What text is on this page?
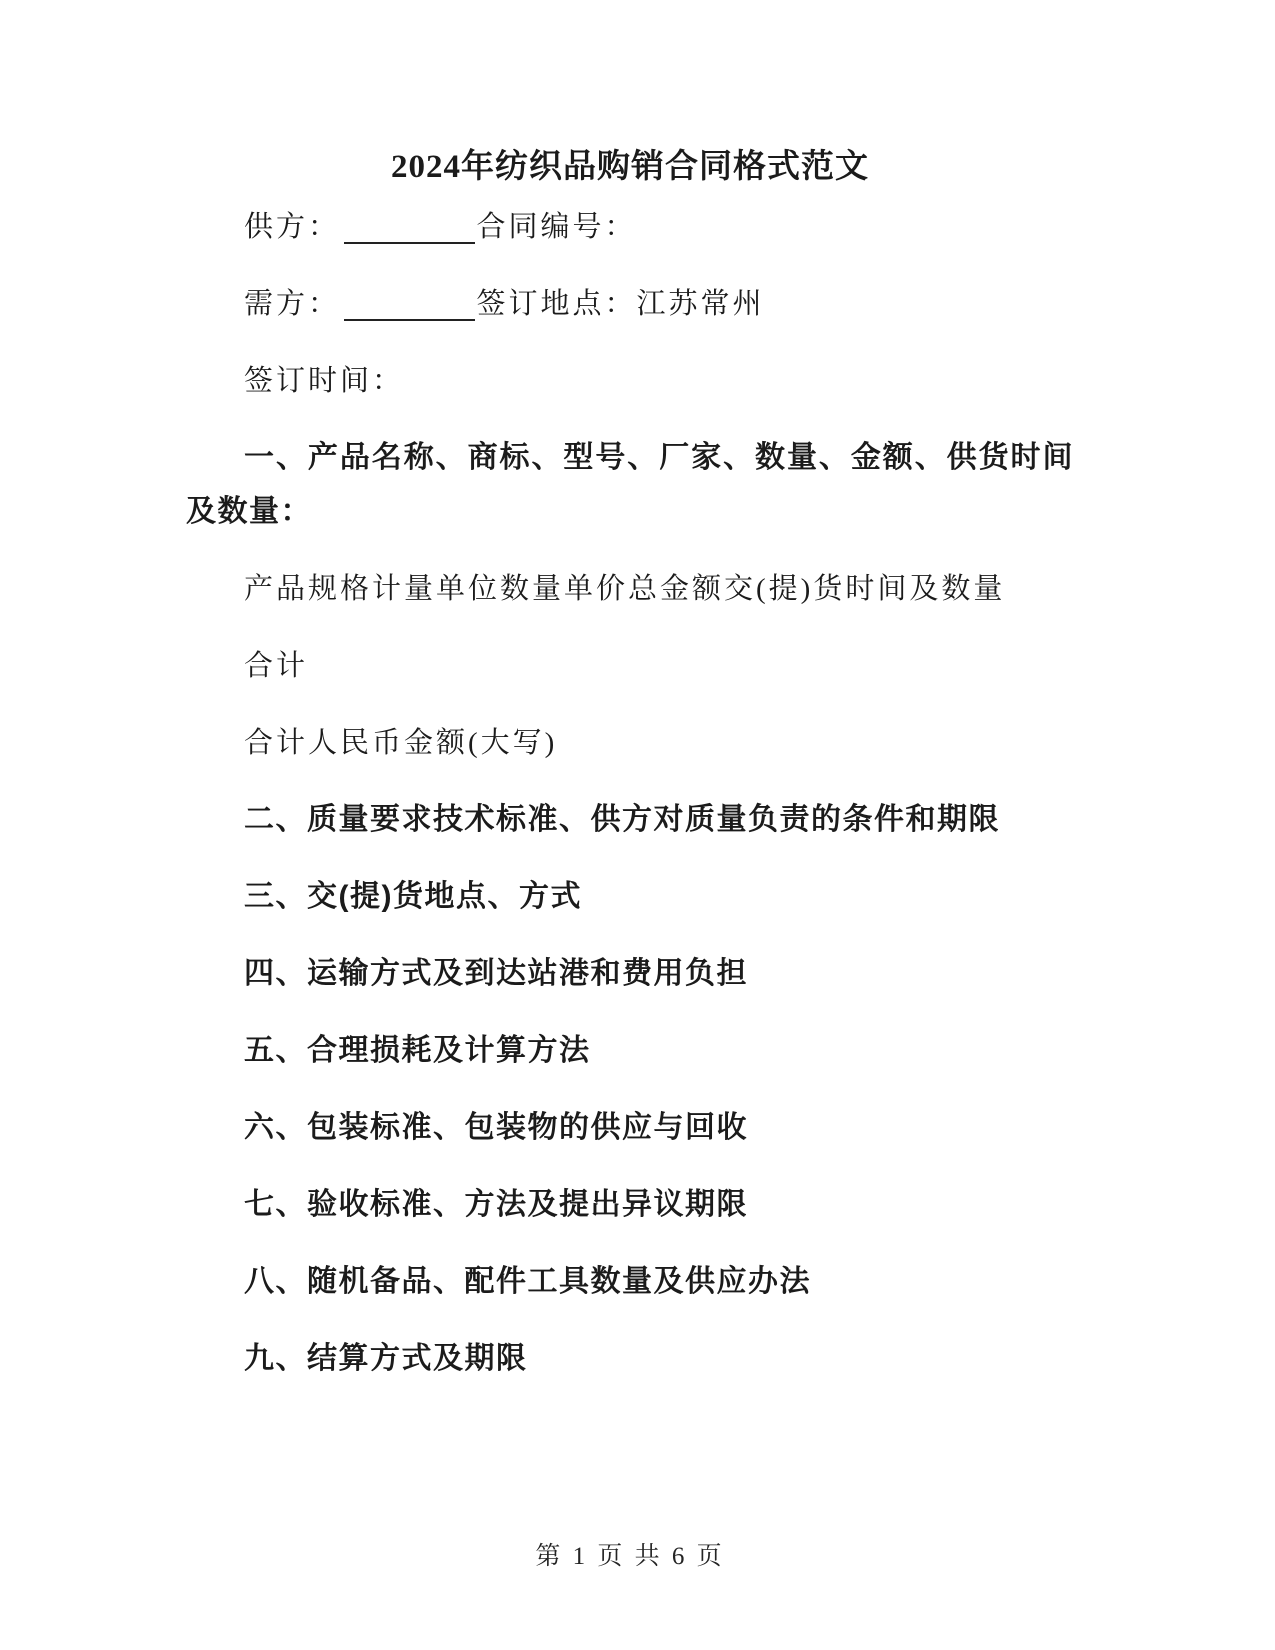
2024年纺织品购销合同格式范文

供方：	合同编号：

需方：	签订地点：江苏常州

签订时间：

一、产品名称、商标、型号、厂家、数量、金额、供货时间及数量：

产品规格计量单位数量单价总金额交(提)货时间及数量

合计

合计人民币金额(大写)

二、质量要求技术标准、供方对质量负责的条件和期限

三、交(提)货地点、方式

四、运输方式及到达站港和费用负担

五、合理损耗及计算方法

六、包装标准、包装物的供应与回收

七、验收标准、方法及提出异议期限

八、随机备品、配件工具数量及供应办法

九、结算方式及期限

第 1 页 共 6 页
